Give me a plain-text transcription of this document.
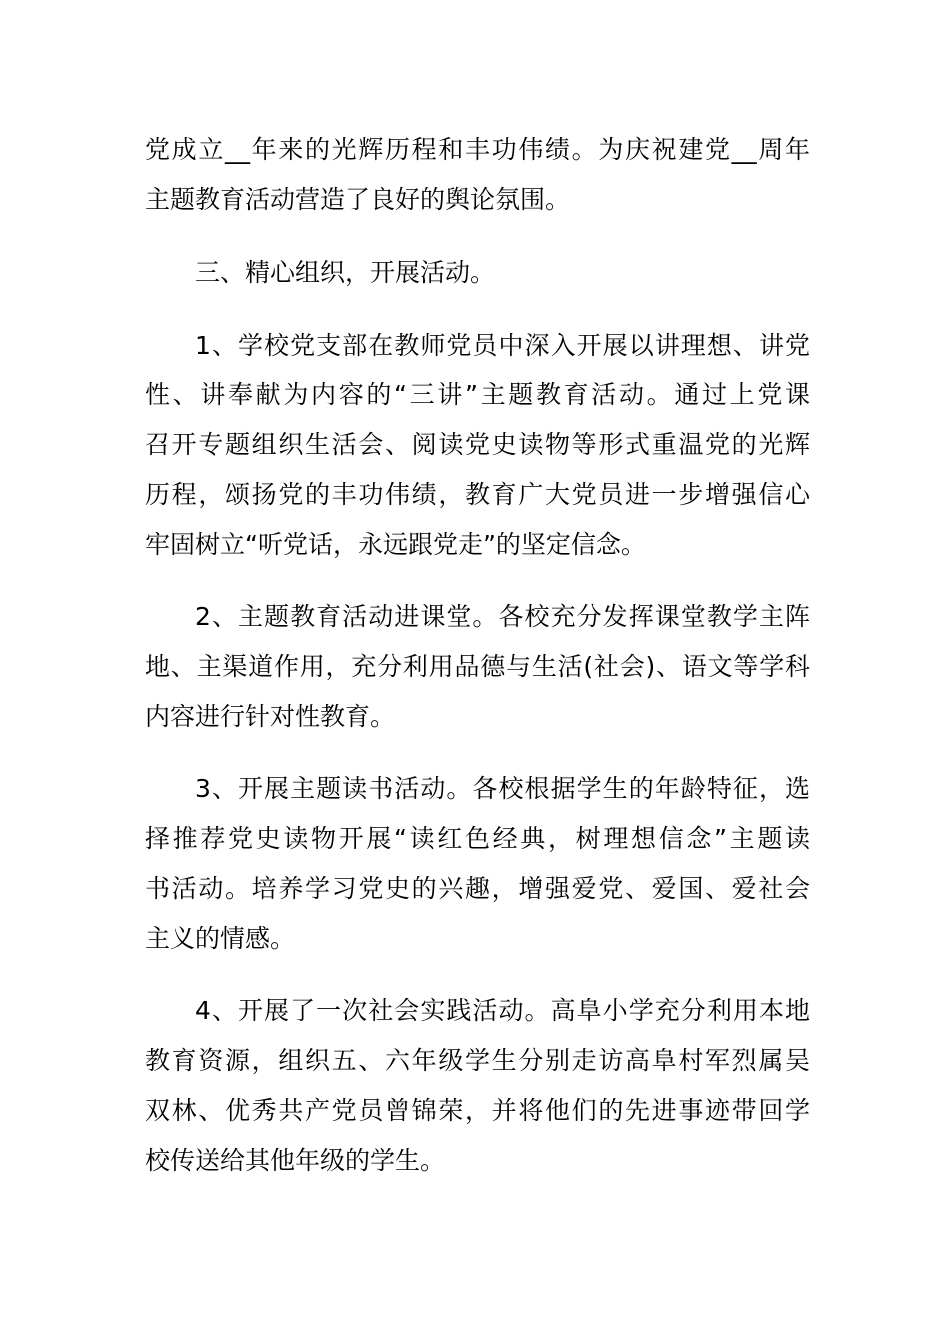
党成立__年来的光辉历程和丰功伟绩。为庆祝建党__周年
主题教育活动营造了良好的舆论氛围。
三、精心组织，开展活动。
1、学校党支部在教师党员中深入开展以讲理想、讲党
性、讲奉献为内容的“三讲”主题教育活动。通过上党课
召开专题组织生活会、阅读党史读物等形式重温党的光辉
历程，颂扬党的丰功伟绩，教育广大党员进一步增强信心
牢固树立“听党话，永远跟党走”的坚定信念。
2、主题教育活动进课堂。各校充分发挥课堂教学主阵
地、主渠道作用，充分利用品德与生活(社会)、语文等学科
内容进行针对性教育。
3、开展主题读书活动。各校根据学生的年龄特征，选
择推荐党史读物开展“读红色经典，树理想信念”主题读
书活动。培养学习党史的兴趣，增强爱党、爱国、爱社会
主义的情感。
4、开展了一次社会实践活动。高阜小学充分利用本地
教育资源，组织五、六年级学生分别走访高阜村军烈属吴
双林、优秀共产党员曾锦荣，并将他们的先进事迹带回学
校传送给其他年级的学生。
